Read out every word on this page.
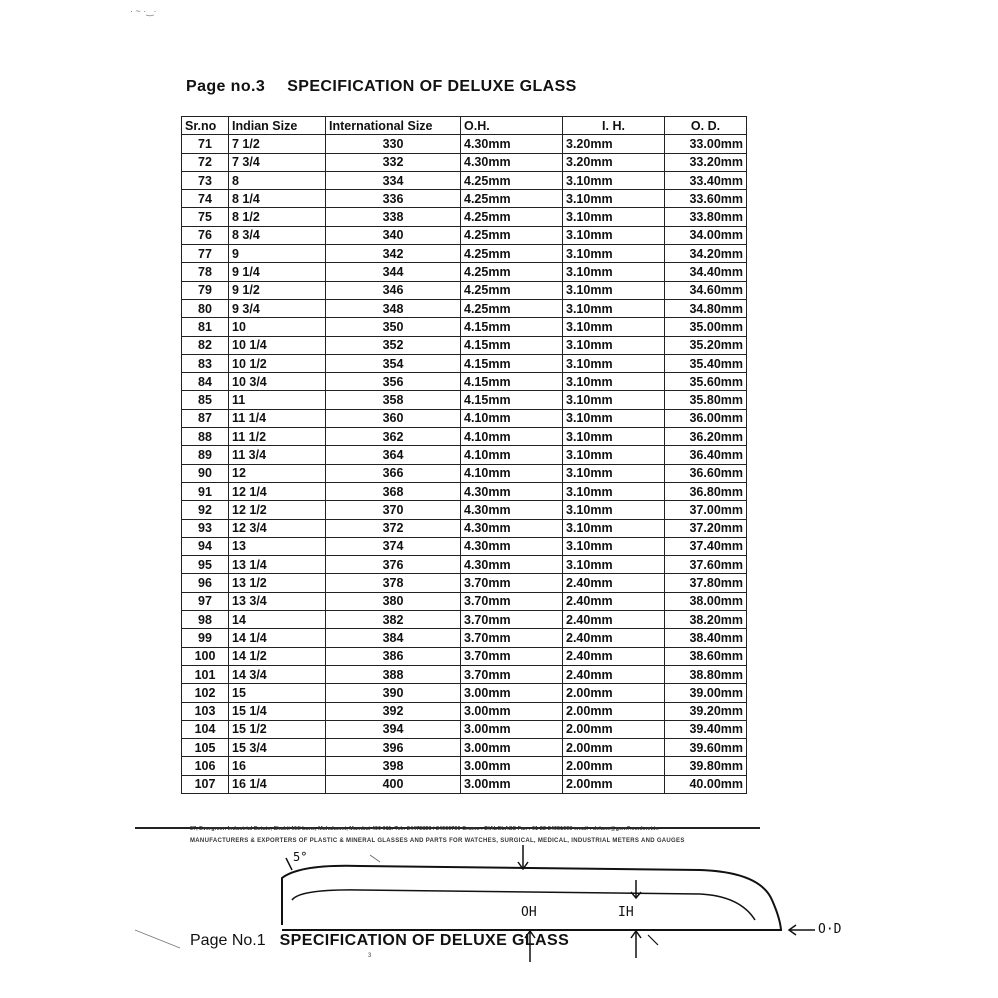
· ~ ·‿·
Page no.3 SPECIFICATION OF DELUXE GLASS
Sr.no	Indian Size	International Size	O.H.	I. H.	O. D.
71	7 1/2	330	4.30mm	3.20mm	33.00mm
72	7 3/4	332	4.30mm	3.20mm	33.20mm
73	8	334	4.25mm	3.10mm	33.40mm
74	8 1/4	336	4.25mm	3.10mm	33.60mm
75	8 1/2	338	4.25mm	3.10mm	33.80mm
76	8 3/4	340	4.25mm	3.10mm	34.00mm
77	9	342	4.25mm	3.10mm	34.20mm
78	9 1/4	344	4.25mm	3.10mm	34.40mm
79	9 1/2	346	4.25mm	3.10mm	34.60mm
80	9 3/4	348	4.25mm	3.10mm	34.80mm
81	10	350	4.15mm	3.10mm	35.00mm
82	10 1/4	352	4.15mm	3.10mm	35.20mm
83	10 1/2	354	4.15mm	3.10mm	35.40mm
84	10 3/4	356	4.15mm	3.10mm	35.60mm
85	11	358	4.15mm	3.10mm	35.80mm
87	11 1/4	360	4.10mm	3.10mm	36.00mm
88	11 1/2	362	4.10mm	3.10mm	36.20mm
89	11 3/4	364	4.10mm	3.10mm	36.40mm
90	12	366	4.10mm	3.10mm	36.60mm
91	12 1/4	368	4.30mm	3.10mm	36.80mm
92	12 1/2	370	4.30mm	3.10mm	37.00mm
93	12 3/4	372	4.30mm	3.10mm	37.20mm
94	13	374	4.30mm	3.10mm	37.40mm
95	13 1/4	376	4.30mm	3.10mm	37.60mm
96	13 1/2	378	3.70mm	2.40mm	37.80mm
97	13 3/4	380	3.70mm	2.40mm	38.00mm
98	14	382	3.70mm	2.40mm	38.20mm
99	14 1/4	384	3.70mm	2.40mm	38.40mm
100	14 1/2	386	3.70mm	2.40mm	38.60mm
101	14 3/4	388	3.70mm	2.40mm	38.80mm
102	15	390	3.00mm	2.00mm	39.00mm
103	15 1/4	392	3.00mm	2.00mm	39.20mm
104	15 1/2	394	3.00mm	2.00mm	39.40mm
105	15 3/4	396	3.00mm	2.00mm	39.60mm
106	16	398	3.00mm	2.00mm	39.80mm
107	16 1/4	400	3.00mm	2.00mm	40.00mm
37, Evergreen Industrial Estate, Shakti Mill Lane, Mahalaxmi, Mumbai-400 011. Tel.: 24473838 / 24960796 Grams : DIALGLASS Fax : 91-22-24951698 email : deluxe@gem7.vsnl.net.in
MANUFACTURERS & EXPORTERS OF PLASTIC & MINERAL GLASSES AND PARTS FOR WATCHES, SURGICAL, MEDICAL, INDUSTRIAL METERS AND GAUGES
5°
OH	IH
O·D
Page No.1 SPECIFICATION OF DELUXE GLASS
3
